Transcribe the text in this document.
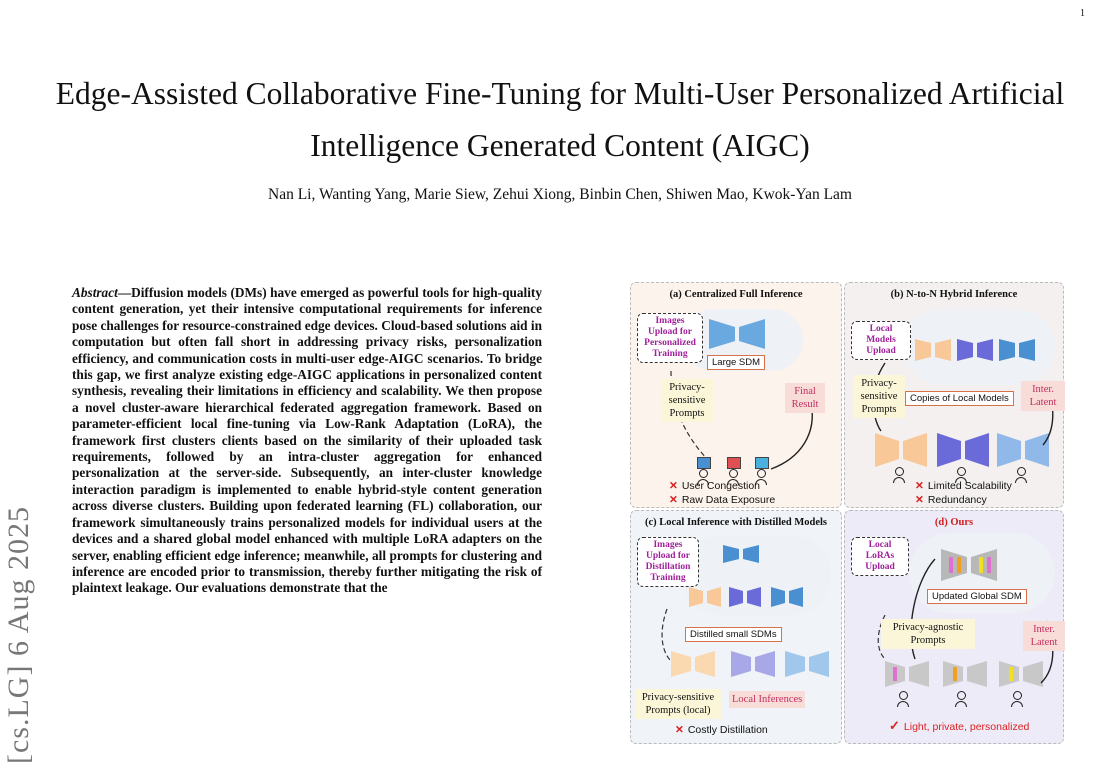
1
Edge-Assisted Collaborative Fine-Tuning for Multi-User Personalized Artificial Intelligence Generated Content (AIGC)
Nan Li, Wanting Yang, Marie Siew, Zehui Xiong, Binbin Chen, Shiwen Mao, Kwok-Yan Lam
[cs.LG] 6 Aug 2025
Abstract—Diffusion models (DMs) have emerged as powerful tools for high-quality content generation, yet their intensive computational requirements for inference pose challenges for resource-constrained edge devices. Cloud-based solutions aid in computation but often fall short in addressing privacy risks, personalization efficiency, and communication costs in multi-user edge-AIGC scenarios. To bridge this gap, we first analyze existing edge-AIGC applications in personalized content synthesis, revealing their limitations in efficiency and scalability. We then propose a novel cluster-aware hierarchical federated aggregation framework. Based on parameter-efficient local fine-tuning via Low-Rank Adaptation (LoRA), the framework first clusters clients based on the similarity of their uploaded task requirements, followed by an intra-cluster aggregation for enhanced personalization at the server-side. Subsequently, an inter-cluster knowledge interaction paradigm is implemented to enable hybrid-style content generation across diverse clusters. Building upon federated learning (FL) collaboration, our framework simultaneously trains personalized models for individual users at the devices and a shared global model enhanced with multiple LoRA adapters on the server, enabling efficient edge inference; meanwhile, all prompts for clustering and inference are encoded prior to transmission, thereby further mitigating the risk of plaintext leakage. Our evaluations demonstrate that the
(a) Centralized Full Inference
Images Upload for Personalized Training
Large SDM
Privacy-sensitive Prompts
Final Result
✕ User Congestion
✕ Raw Data Exposure
(b) N-to-N Hybrid Inference
Local Models Upload
Privacy-sensitive Prompts
Copies of Local Models
Inter. Latent
✕ Limited Scalability
✕ Redundancy
(c) Local Inference with Distilled Models
Images Upload for Distillation Training
Distilled small SDMs
Privacy-sensitive Prompts (local)
Local Inferences
✕ Costly Distillation
(d) Ours
Local LoRAs Upload
Updated Global SDM
Privacy-agnostic Prompts
Inter. Latent
✓ Light, private, personalized
